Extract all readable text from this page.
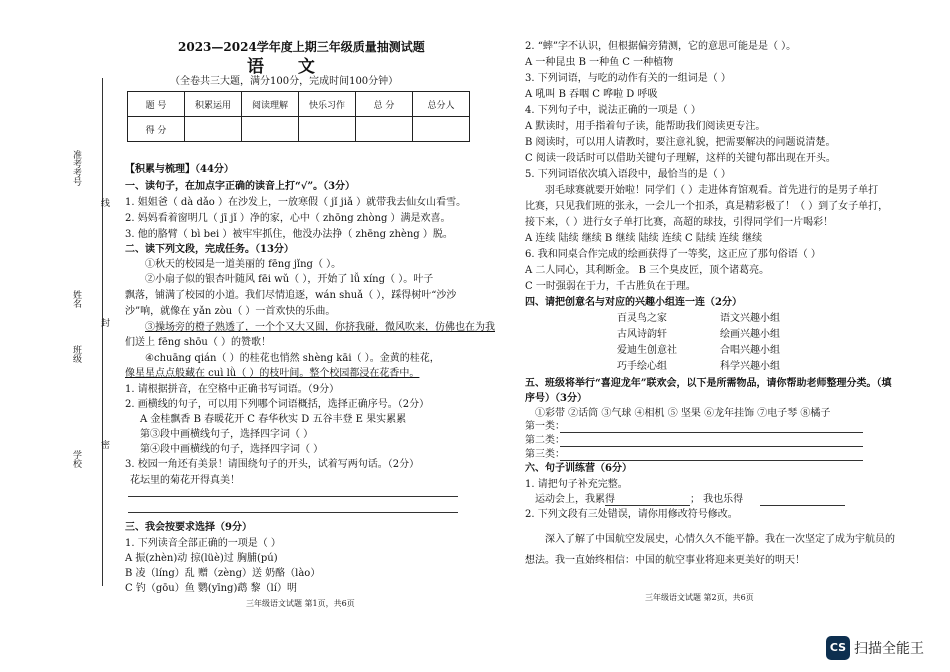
准考考号
姓名
班级
学校
线
封
密
2023—2024学年度上期三年级质量抽测试题
语 文
（全卷共三大题，满分100分，完成时间100分钟）
题 号	积累运用	阅读理解	快乐习作	总 分	总分人
得 分					
【积累与梳理】（44分）
一、读句子，在加点字正确的读音上打“√”。（3分）
1. 姐姐爸（ dà dǎo ）在沙发上，一放寒假（ jǐ jiǎ ）就带我去仙女山看雪。
2. 妈妈看着窗明几（ jī jǐ ）净的家，心中（ zhōng zhòng ）满是欢喜。
3. 他的胳臂（ bì bei ）被牢牢抓住，他没办法挣（ zhēng zhèng ）脱。
二、读下列文段，完成任务。（13分）
①秋天的校园是一道美丽的 fēng jǐng（ ）。
②小扇子似的银杏叶随风 fēi wǔ（ ），开始了 lǚ xíng（ ）。叶子
飘落，铺满了校园的小道。我们尽情追逐，wán shuǎ（ ），踩得树叶“沙沙
沙”响，就像在 yǎn zòu（ ）一首欢快的乐曲。
③操场旁的橙子熟透了，一个个又大又圆，你挤我碰，微风吹来，仿佛也在为我
们送上 fēng shōu（ ）的赞歌！
④chuāng qián（ ）的桂花也悄然 shèng kāi（ ）。金黄的桂花，
像星星点点般藏在 cuì lǜ（ ）的枝叶间。整个校园都浸在花香中。
1. 请根据拼音，在空格中正确书写词语。（9分）
2. 画横线的句子，可以用下列哪个词语概括，选择正确序号。（2分）
A 金桂飘香 B 春暖花开 C 春华秋实 D 五谷丰登 E 果实累累
第③段中画横线句子，选择四字词（ ）
第④段中画横线的句子，选择四字词（ ）
3. 校园一角还有美景！请围绕句子的开头，试着写两句话。（2分）
花坛里的菊花开得真美！
三、我会按要求选择（9分）
1. 下列读音全部正确的一项是（ ）
A 振(zhèn)动 掠(lüè)过 胸脯(pú)
B 凌（líng）乱 赠（zèng）送 奶酪（lào）
C 钓（gōu）鱼 鹦(yīng)鹉 黎（lí）明
三年级语文试题 第1页，共6页
2. “蟀”字不认识，但根据偏旁猜测，它的意思可能是是（ ）。
A 一种昆虫 B 一种鱼 C 一种植物
3. 下列词语，与吃的动作有关的一组词是（ ）
A 吼叫 B 吞咽 C 哗啦 D 呼吸
4. 下列句子中，说法正确的一项是（ ）
A 默读时，用手指着句子读，能帮助我们阅读更专注。
B 阅读时，可以用人请教时，要注意礼貌，把需要解决的问题说清楚。
C 阅读一段话时可以借助关键句子理解，这样的关键句都出现在开头。
5. 下列词语依次填入语段中，最恰当的是（ ）
羽毛球赛就要开始啦！同学们（ ）走进体育馆观看。首先进行的是男子单打
比赛，只见我们班的张永，一会儿一个扣杀，真是精彩极了！（ ）到了女子单打，
接下来，（ ）进行女子单打比赛，高超的球技，引得同学们一片喝彩！
A 连续 陆续 继续 B 继续 陆续 连续 C 陆续 连续 继续
6. 我和同桌合作完成的绘画获得了一等奖，这正应了那句俗语（ ）
A 二人同心，其利断金。 B 三个臭皮匠，顶个诸葛亮。
C 一时强弱在于力，千古胜负在于理。
四、请把创意名与对应的兴趣小组连一连（2分）
百灵鸟之家
古风诗韵轩
爱迪生创意社
巧手绘心组
语文兴趣小组
绘画兴趣小组
合唱兴趣小组
科学兴趣小组
五、班级将举行“喜迎龙年”联欢会，以下是所需物品，请你帮助老师整理分类。（填
序号）（3分）
①彩带 ②话筒 ③气球 ④相机 ⑤ 坚果 ⑥龙年挂饰 ⑦电子琴 ⑧橘子
第一类：
第二类：
第三类：
六、句子训练营（6分）
1. 请把句子补充完整。
运动会上，我累得	； 我也乐得
2. 下列文段有三处错误，请你用修改符号修改。
深入了解了中国航空发展史，心情久久不能平静。我在一次坚定了成为宇航员的
想法。我一直始终相信：中国的航空事业将迎来更美好的明天！
三年级语文试题 第2页，共6页
CS 扫描全能王
